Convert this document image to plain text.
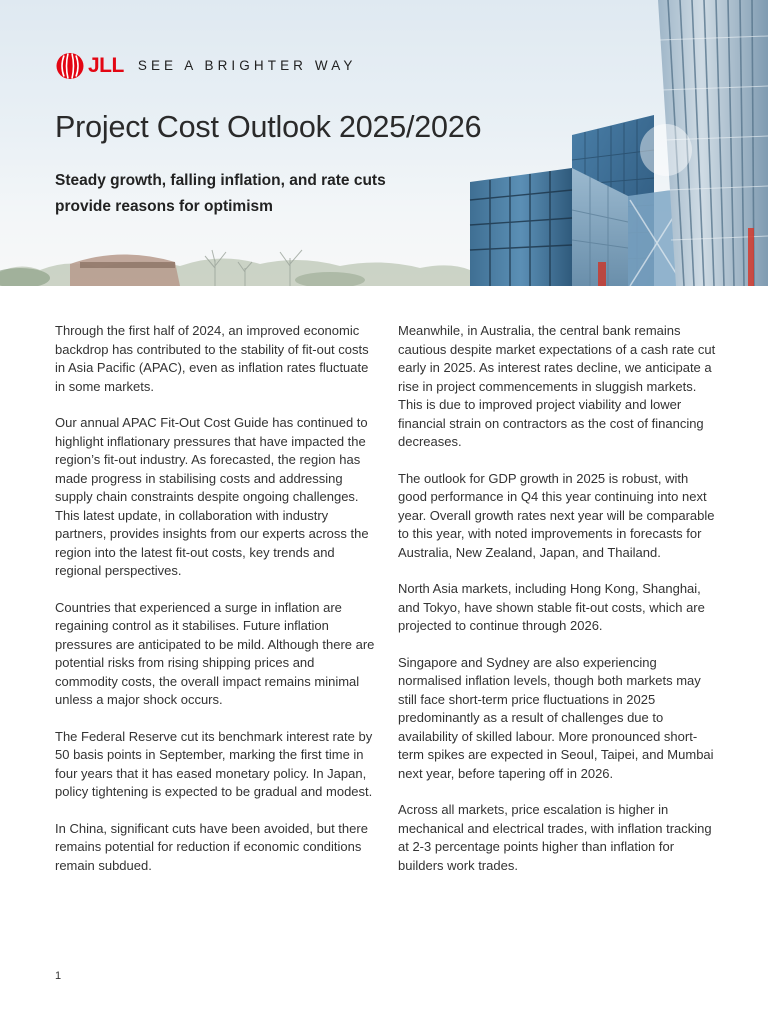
JLL SEE A BRIGHTER WAY
Project Cost Outlook 2025/2026
Steady growth, falling inflation, and rate cuts
provide reasons for optimism

Through the first half of 2024, an improved economic backdrop has contributed to the stability of fit-out costs in Asia Pacific (APAC), even as inflation rates fluctuate in some markets.

Our annual APAC Fit-Out Cost Guide has continued to highlight inflationary pressures that have impacted the region’s fit-out industry. As forecasted, the region has made progress in stabilising costs and addressing supply chain constraints despite ongoing challenges. This latest update, in collaboration with industry partners, provides insights from our experts across the region into the latest fit-out costs, key trends and regional perspectives.

Countries that experienced a surge in inflation are regaining control as it stabilises. Future inflation pressures are anticipated to be mild. Although there are potential risks from rising shipping prices and commodity costs, the overall impact remains minimal unless a major shock occurs.

The Federal Reserve cut its benchmark interest rate by 50 basis points in September, marking the first time in four years that it has eased monetary policy. In Japan, policy tightening is expected to be gradual and modest.

In China, significant cuts have been avoided, but there remains potential for reduction if economic conditions remain subdued.

Meanwhile, in Australia, the central bank remains cautious despite market expectations of a cash rate cut early in 2025. As interest rates decline, we anticipate a rise in project commencements in sluggish markets. This is due to improved project viability and lower financial strain on contractors as the cost of financing decreases.

The outlook for GDP growth in 2025 is robust, with good performance in Q4 this year continuing into next year. Overall growth rates next year will be comparable to this year, with noted improvements in forecasts for Australia, New Zealand, Japan, and Thailand.

North Asia markets, including Hong Kong, Shanghai, and Tokyo, have shown stable fit-out costs, which are projected to continue through 2026.

Singapore and Sydney are also experiencing normalised inflation levels, though both markets may still face short-term price fluctuations in 2025 predominantly as a result of challenges due to availability of skilled labour. More pronounced short-term spikes are expected in Seoul, Taipei, and Mumbai next year, before tapering off in 2026.

Across all markets, price escalation is higher in mechanical and electrical trades, with inflation tracking at 2-3 percentage points higher than inflation for builders work trades.

1
